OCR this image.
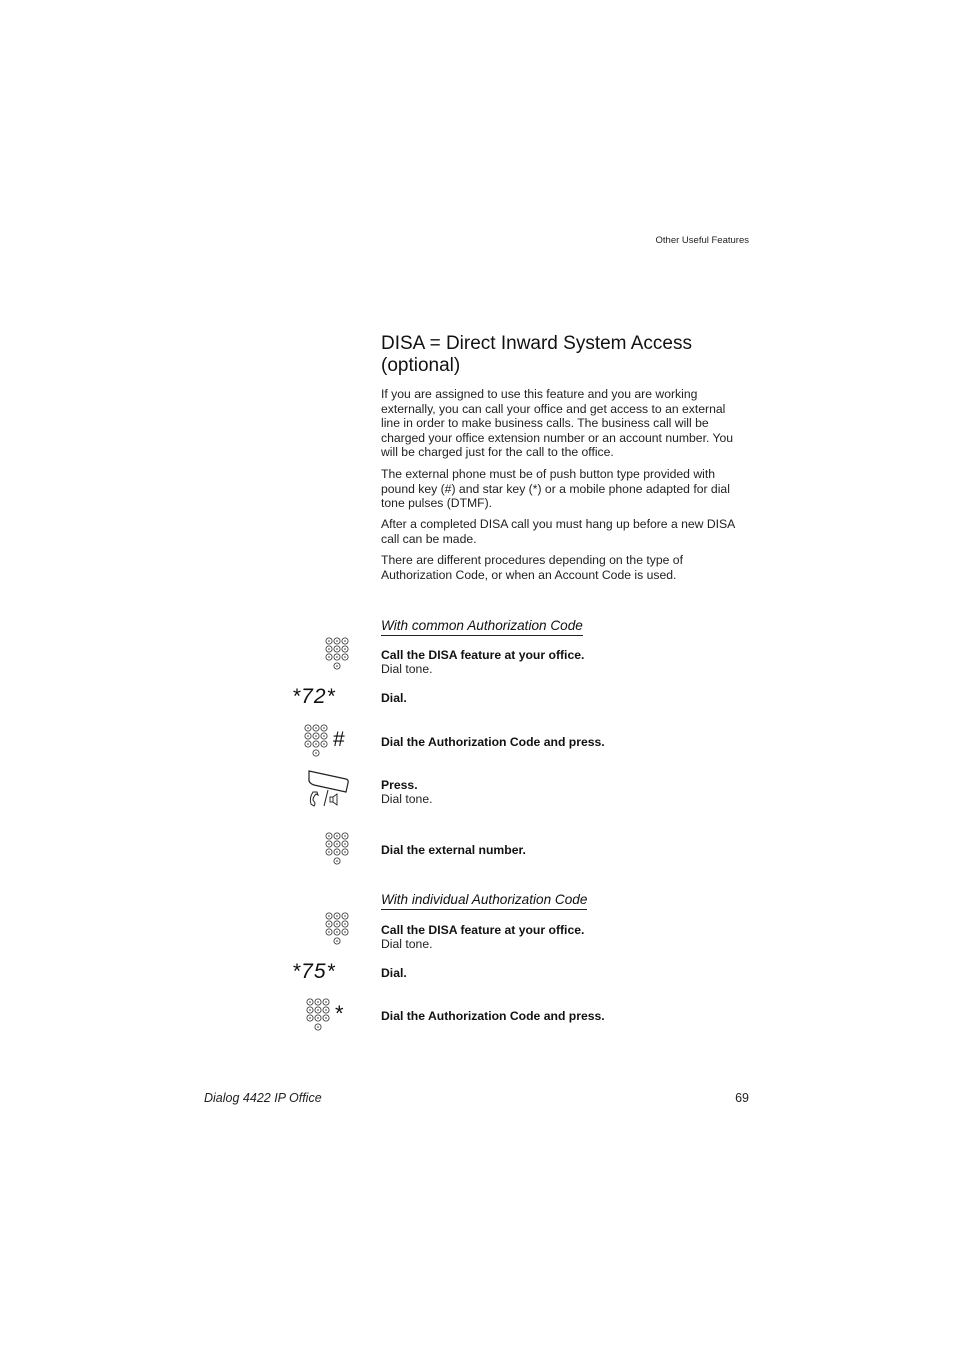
Other Useful Features
DISA = Direct Inward System Access
(optional)
If you are assigned to use this feature and you are working
externally, you can call your office and get access to an external
line in order to make business calls. The business call will be
charged your office extension number or an account number. You
will be charged just for the call to the office.
The external phone must be of push button type provided with
pound key (#) and star key (*) or a mobile phone adapted for dial
tone pulses (DTMF).
After a completed DISA call you must hang up before a new DISA
call can be made.
There are different procedures depending on the type of
Authorization Code, or when an Account Code is used.
With common Authorization Code
Call the DISA feature at your office.
Dial tone.
*72*	Dial.
#	Dial the Authorization Code and press.
Press.
Dial tone.
Dial the external number.
With individual Authorization Code
Call the DISA feature at your office.
Dial tone.
*75*	Dial.
*	Dial the Authorization Code and press.
Dialog 4422 IP Office	69
